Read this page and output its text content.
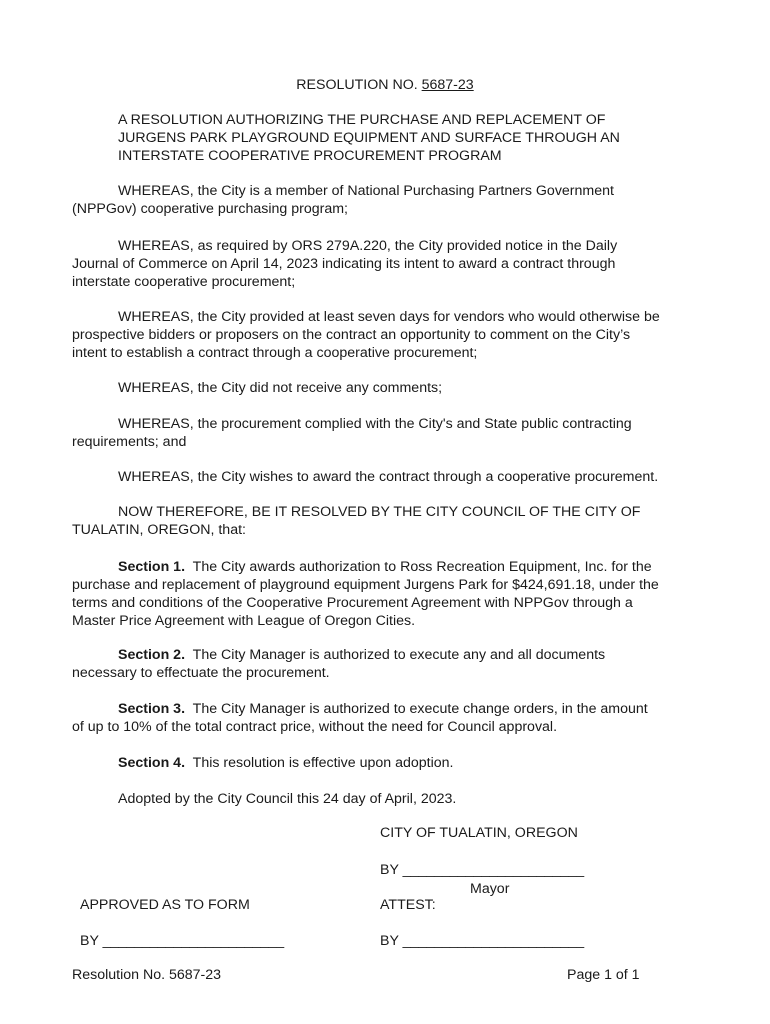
RESOLUTION NO. 5687-23
A RESOLUTION AUTHORIZING THE PURCHASE AND REPLACEMENT OF
JURGENS PARK PLAYGROUND EQUIPMENT AND SURFACE THROUGH AN
INTERSTATE COOPERATIVE PROCUREMENT PROGRAM
WHEREAS, the City is a member of National Purchasing Partners Government
(NPPGov) cooperative purchasing program;
WHEREAS, as required by ORS 279A.220, the City provided notice in the Daily
Journal of Commerce on April 14, 2023 indicating its intent to award a contract through
interstate cooperative procurement;
WHEREAS, the City provided at least seven days for vendors who would otherwise be
prospective bidders or proposers on the contract an opportunity to comment on the City’s
intent to establish a contract through a cooperative procurement;
WHEREAS, the City did not receive any comments;
WHEREAS, the procurement complied with the City's and State public contracting
requirements; and
WHEREAS, the City wishes to award the contract through a cooperative procurement.
NOW THEREFORE, BE IT RESOLVED BY THE CITY COUNCIL OF THE CITY OF
TUALATIN, OREGON, that:
Section 1. The City awards authorization to Ross Recreation Equipment, Inc. for the
purchase and replacement of playground equipment Jurgens Park for $424,691.18, under the
terms and conditions of the Cooperative Procurement Agreement with NPPGov through a
Master Price Agreement with League of Oregon Cities.
Section 2. The City Manager is authorized to execute any and all documents
necessary to effectuate the procurement.
Section 3. The City Manager is authorized to execute change orders, in the amount
of up to 10% of the total contract price, without the need for Council approval.
Section 4. This resolution is effective upon adoption.
Adopted by the City Council this 24 day of April, 2023.
CITY OF TUALATIN, OREGON
BY _______________________
Mayor
APPROVED AS TO FORM	ATTEST:
BY _______________________	BY _______________________
Resolution No. 5687-23	Page 1 of 1
